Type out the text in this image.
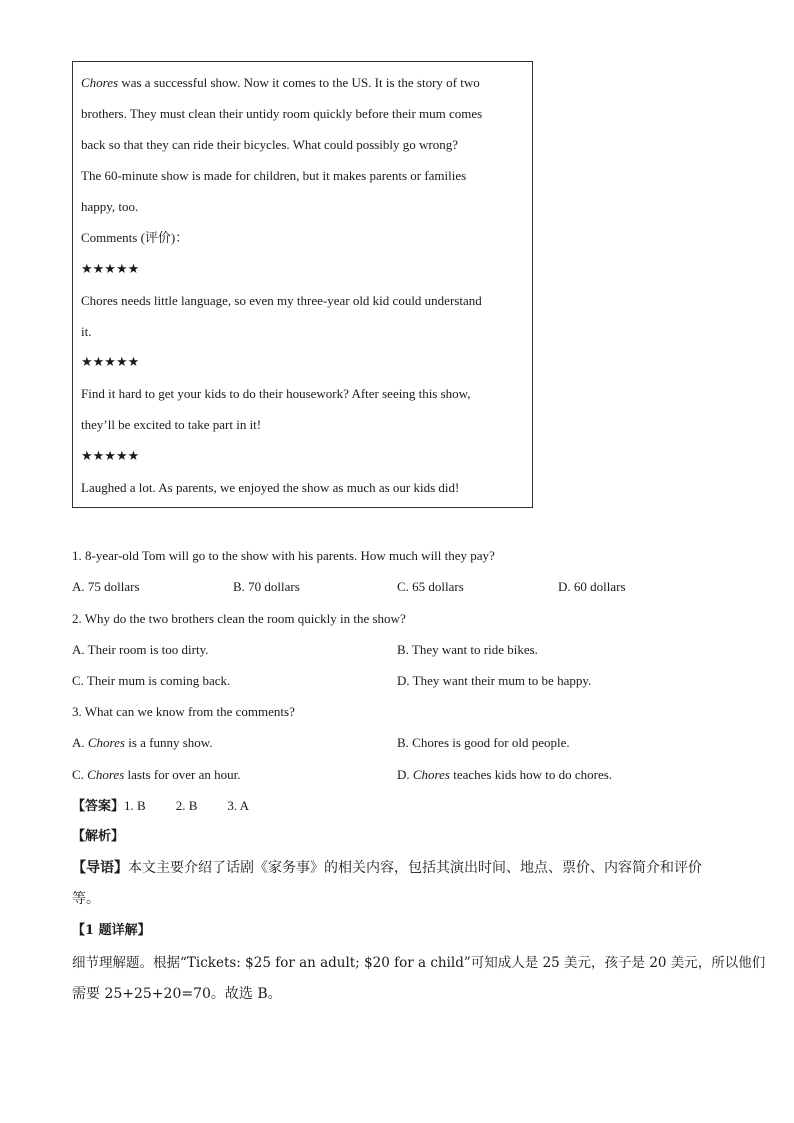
Chores was a successful show. Now it comes to the US. It is the story of two
brothers. They must clean their untidy room quickly before their mum comes
back so that they can ride their bicycles. What could possibly go wrong?
The 60-minute show is made for children, but it makes parents or families
happy, too.
Comments (评价)：
★★★★★
Chores needs little language, so even my three-year old kid could understand
it.
★★★★★
Find it hard to get your kids to do their housework? After seeing this show,
they’ll be excited to take part in it!
★★★★★
Laughed a lot. As parents, we enjoyed the show as much as our kids did!
1. 8-year-old Tom will go to the show with his parents. How much will they pay?
A. 75 dollars	B. 70 dollars	C. 65 dollars	D. 60 dollars
2. Why do the two brothers clean the room quickly in the show?
A. Their room is too dirty.	B. They want to ride bikes.
C. Their mum is coming back.	D. They want their mum to be happy.
3. What can we know from the comments?
A. Chores is a funny show.	B. Chores is good for old people.
C. Chores lasts for over an hour.	D. Chores teaches kids how to do chores.
【答案】1. B 2. B 3. A
【解析】
【导语】本文主要介绍了话剧《家务事》的相关内容，包括其演出时间、地点、票价、内容简介和评价
等。
【1 题详解】
细节理解题。根据“Tickets: $25 for an adult; $20 for a child”可知成人是 25 美元，孩子是 20 美元，所以他们
需要 25+25+20=70。故选 B。
